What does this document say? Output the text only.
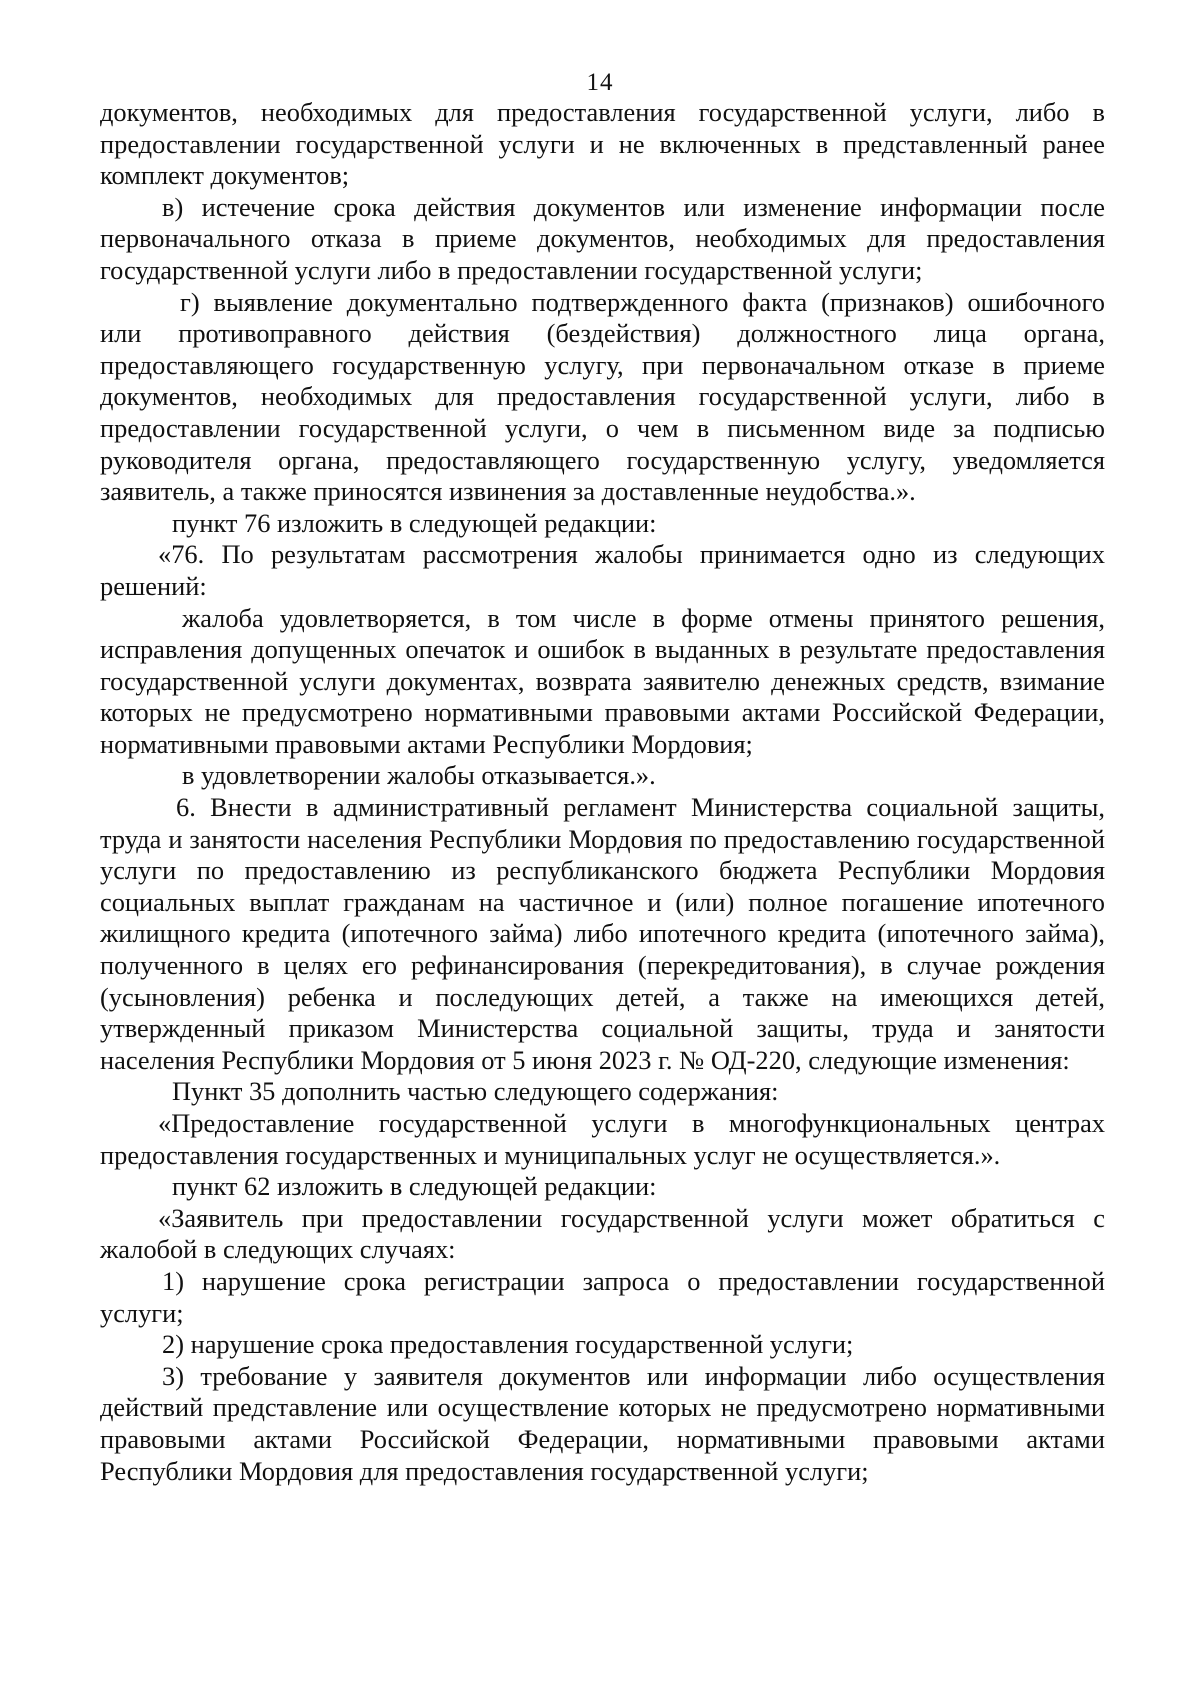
14

документов, необходимых для предоставления государственной услуги, либо в предоставлении государственной услуги и не включенных в представленный ранее комплект документов;

в) истечение срока действия документов или изменение информации после первоначального отказа в приеме документов, необходимых для предоставления государственной услуги либо в предоставлении государственной услуги;

г) выявление документально подтвержденного факта (признаков) ошибочного или противоправного действия (бездействия) должностного лица органа, предоставляющего государственную услугу, при первоначальном отказе в приеме документов, необходимых для предоставления государственной услуги, либо в предоставлении государственной услуги, о чем в письменном виде за подписью руководителя органа, предоставляющего государственную услугу, уведомляется заявитель, а также приносятся извинения за доставленные неудобства.».

пункт 76 изложить в следующей редакции:

«76. По результатам рассмотрения жалобы принимается одно из следующих решений:

жалоба удовлетворяется, в том числе в форме отмены принятого решения, исправления допущенных опечаток и ошибок в выданных в результате предоставления государственной услуги документах, возврата заявителю денежных средств, взимание которых не предусмотрено нормативными правовыми актами Российской Федерации, нормативными правовыми актами Республики Мордовия;

в удовлетворении жалобы отказывается.».

6. Внести в административный регламент Министерства социальной защиты, труда и занятости населения Республики Мордовия по предоставлению государственной услуги по предоставлению из республиканского бюджета Республики Мордовия социальных выплат гражданам на частичное и (или) полное погашение ипотечного жилищного кредита (ипотечного займа) либо ипотечного кредита (ипотечного займа), полученного в целях его рефинансирования (перекредитования), в случае рождения (усыновления) ребенка и последующих детей, а также на имеющихся детей, утвержденный приказом Министерства социальной защиты, труда и занятости населения Республики Мордовия от 5 июня 2023 г. № ОД-220, следующие изменения:

Пункт 35 дополнить частью следующего содержания:

«Предоставление государственной услуги в многофункциональных центрах предоставления государственных и муниципальных услуг не осуществляется.».

пункт 62 изложить в следующей редакции:

«Заявитель при предоставлении государственной услуги может обратиться с жалобой в следующих случаях:

1) нарушение срока регистрации запроса о предоставлении государственной услуги;

2) нарушение срока предоставления государственной услуги;

3) требование у заявителя документов или информации либо осуществления действий представление или осуществление которых не предусмотрено нормативными правовыми актами Российской Федерации, нормативными правовыми актами Республики Мордовия для предоставления государственной услуги;
